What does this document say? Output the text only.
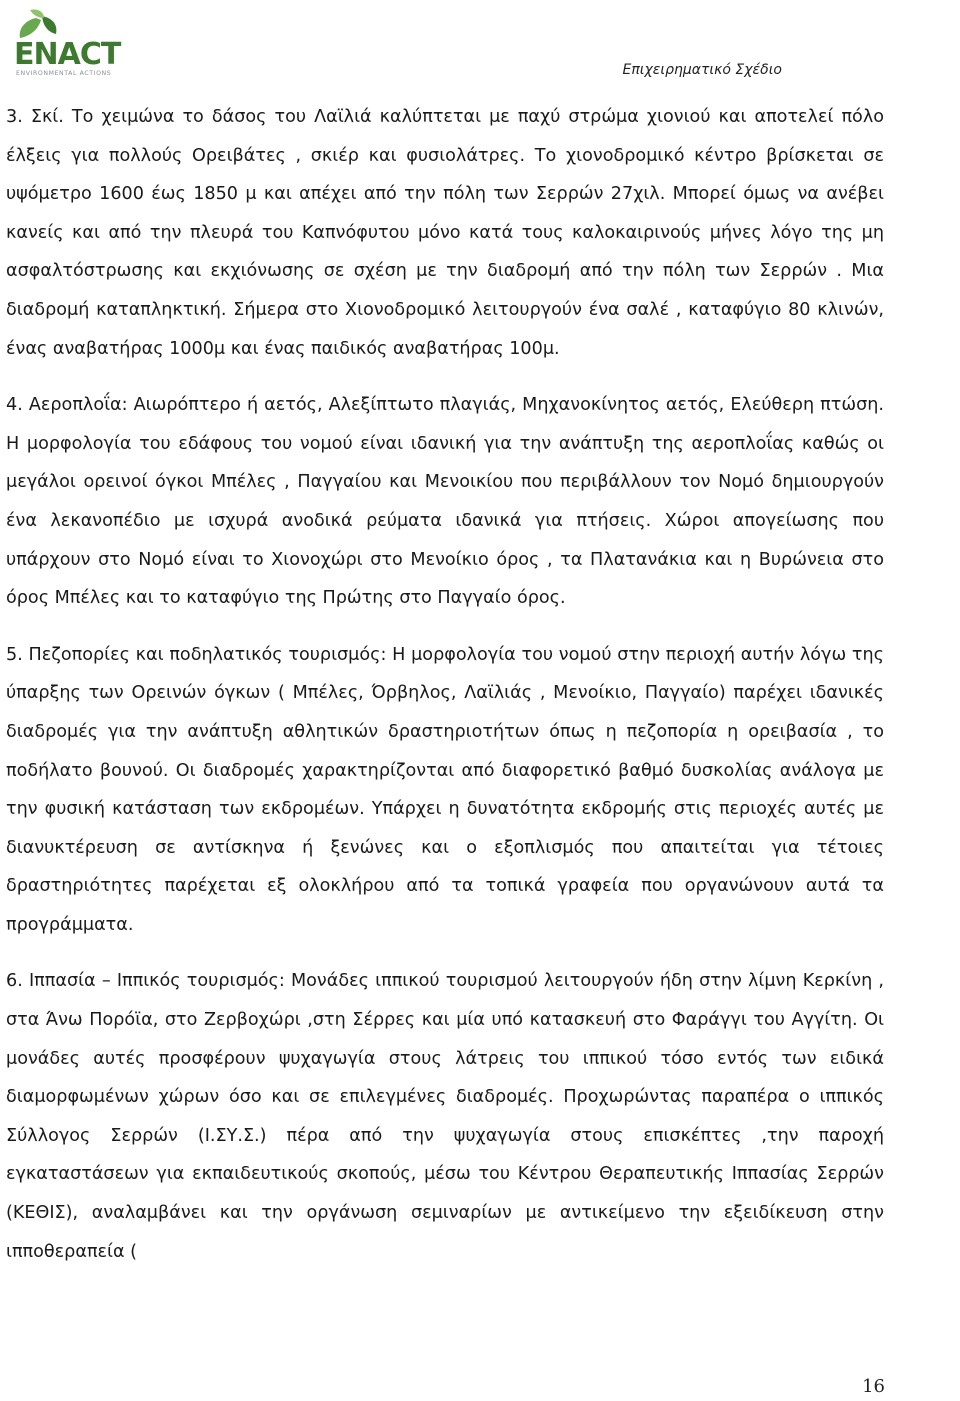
ENACT
ENVIRONMENTAL ACTIONS	Επιχειρηματικό Σχέδιο

3. Σκί. Το χειμώνα το δάσος του Λαϊλιά καλύπτεται με παχύ στρώμα χιονιού και αποτελεί πόλο έλξεις για πολλούς Ορειβάτες , σκιέρ και φυσιολάτρες. Το χιονοδρομικό κέντρο βρίσκεται σε υψόμετρο 1600 έως 1850 μ και απέχει από την πόλη των Σερρών 27χιλ. Μπορεί όμως να ανέβει κανείς και από την πλευρά του Καπνόφυτου μόνο κατά τους καλοκαιρινούς μήνες λόγο της μη ασφαλτόστρωσης και εκχιόνωσης σε σχέση με την διαδρομή από την πόλη των Σερρών . Μια διαδρομή καταπληκτική. Σήμερα στο Χιονοδρομικό λειτουργούν ένα σαλέ , καταφύγιο 80 κλινών, ένας αναβατήρας 1000μ και ένας παιδικός αναβατήρας 100μ.

4. Αεροπλοΐα: Αιωρόπτερο ή αετός, Αλεξίπτωτο πλαγιάς, Μηχανοκίνητος αετός, Ελεύθερη πτώση. Η μορφολογία του εδάφους του νομού είναι ιδανική για την ανάπτυξη της αεροπλοΐας καθώς οι μεγάλοι ορεινοί όγκοι Μπέλες , Παγγαίου και Μενοικίου που περιβάλλουν τον Νομό δημιουργούν ένα λεκανοπέδιο με ισχυρά ανοδικά ρεύματα ιδανικά για πτήσεις. Χώροι απογείωσης που υπάρχουν στο Νομό είναι το Χιονοχώρι στο Μενοίκιο όρος , τα Πλατανάκια και η Βυρώνεια στο όρος Μπέλες και το καταφύγιο της Πρώτης στο Παγγαίο όρος.

5. Πεζοπορίες και ποδηλατικός τουρισμός: Η μορφολογία του νομού στην περιοχή αυτήν λόγω της ύπαρξης των Ορεινών όγκων ( Μπέλες, Όρβηλος, Λαϊλιάς , Μενοίκιο, Παγγαίο) παρέχει ιδανικές διαδρομές για την ανάπτυξη αθλητικών δραστηριοτήτων όπως η πεζοπορία η ορειβασία , το ποδήλατο βουνού. Οι διαδρομές χαρακτηρίζονται από διαφορετικό βαθμό δυσκολίας ανάλογα με την φυσική κατάσταση των εκδρομέων. Υπάρχει η δυνατότητα εκδρομής στις περιοχές αυτές με διανυκτέρευση σε αντίσκηνα ή ξενώνες και ο εξοπλισμός που απαιτείται για τέτοιες δραστηριότητες παρέχεται εξ ολοκλήρου από τα τοπικά γραφεία που οργανώνουν αυτά τα προγράμματα.

6. Ιππασία – Ιππικός τουρισμός: Μονάδες ιππικού τουρισμού λειτουργούν ήδη στην λίμνη Κερκίνη , στα Άνω Πορόϊα, στο Ζερβοχώρι ,στη Σέρρες και μία υπό κατασκευή στο Φαράγγι του Αγγίτη. Οι μονάδες αυτές προσφέρουν ψυχαγωγία στους λάτρεις του ιππικού τόσο εντός των ειδικά διαμορφωμένων χώρων όσο και σε επιλεγμένες διαδρομές. Προχωρώντας παραπέρα ο ιππικός Σύλλογος Σερρών (Ι.ΣΥ.Σ.) πέρα από την ψυχαγωγία στους επισκέπτες ,την παροχή εγκαταστάσεων για εκπαιδευτικούς σκοπούς, μέσω του Κέντρου Θεραπευτικής Ιππασίας Σερρών (ΚΕΘΙΣ), αναλαμβάνει και την οργάνωση σεμιναρίων με αντικείμενο την εξειδίκευση στην ιπποθεραπεία (

16
